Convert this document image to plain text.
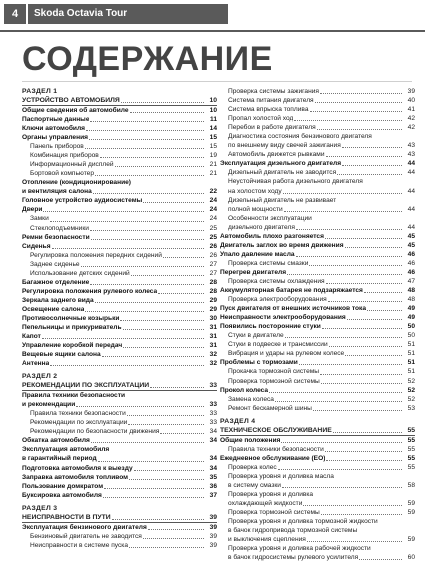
4	Skoda Octavia Tour
СОДЕРЖАНИЕ
РАЗДЕЛ 1
УСТРОЙСТВО АВТОМОБИЛЯ	10
Общие сведения об автомобиле	10
Паспортные данные	11
Ключи автомобиля	14
Органы управления	15
Панель приборов	15
Комбинация приборов	19
Информационный дисплей	21
Бортовой компьютер	21
Отопление (кондиционирование)
и вентиляция салона	22
Головное устройство аудиосистемы	24
Двери	24
Замки	24
Стеклоподъемники	25
Ремни безопасности	25
Сиденья	26
Регулировка положения передних сидений	26
Заднее сиденье	27
Использование детских сидений	27
Багажное отделение	28
Регулировка положения рулевого колеса	28
Зеркала заднего вида	29
Освещение салона	29
Противосолнечные козырьки	30
Пепельницы и прикуриватель	31
Капот	31
Управление коробкой передач	31
Вещевые ящики салона	32
Антенна	32
РАЗДЕЛ 2
РЕКОМЕНДАЦИИ ПО ЭКСПЛУАТАЦИИ	33
Правила техники безопасности
и рекомендации	33
Правила техники безопасности	33
Рекомендации по эксплуатации	33
Рекомендации по безопасности движения	34
Обкатка автомобиля	34
Эксплуатация автомобиля
в гарантийный период	34
Подготовка автомобиля к выезду	34
Заправка автомобиля топливом	35
Пользование домкратом	36
Буксировка автомобиля	37
РАЗДЕЛ 3
НЕИСПРАВНОСТИ В ПУТИ	39
Эксплуатация бензинового двигателя	39
Бензиновый двигатель не заводится	39
Неисправности в системе пуска	39
Проверка системы зажигания	39
Система питания двигателя	40
Система впрыска топлива	41
Пропал холостой ход	42
Перебои в работе двигателя	42
Диагностика состояния бензинового двигателя
по внешнему виду свечей зажигания	43
Автомобиль движется рывками	43
Эксплуатация дизельного двигателя	44
Дизельный двигатель не заводится	44
Неустойчивая работа дизельного двигателя
на холостом ходу	44
Дизельный двигатель не развивает
полной мощности	44
Особенности эксплуатации
дизельного двигателя	44
Автомобиль плохо разгоняется	45
Двигатель заглох во время движения	45
Упало давление масла	46
Проверка системы смазки	46
Перегрев двигателя	46
Проверка системы охлаждения	47
Аккумуляторная батарея не подзаряжается	48
Проверка электрооборудования	48
Пуск двигателя от внешних источников тока	49
Неисправности электрооборудования	49
Появились посторонние стуки	50
Стуки в двигателе	50
Стуки в подвеске и трансмиссии	51
Вибрация и удары на рулевом колесе	51
Проблемы с тормозами	51
Прокачка тормозной системы	51
Проверка тормозной системы	52
Прокол колеса	52
Замена колеса	52
Ремонт бескамерной шины	53
РАЗДЕЛ 4
ТЕХНИЧЕСКОЕ ОБСЛУЖИВАНИЕ	55
Общие положения	55
Правила техники безопасности	55
Ежедневное обслуживание (ЕО)	55
Проверка колес	55
Проверка уровня и доливка масла
в систему смазки	58
Проверка уровня и доливка
охлаждающей жидкости	59
Проверка тормозной системы	59
Проверка уровня и доливка тормозной жидкости
в бачок гидропривода тормозной системы
и выключения сцепления	59
Проверка уровня и доливка рабочей жидкости
в бачок гидросистемы рулевого усилителя	60
